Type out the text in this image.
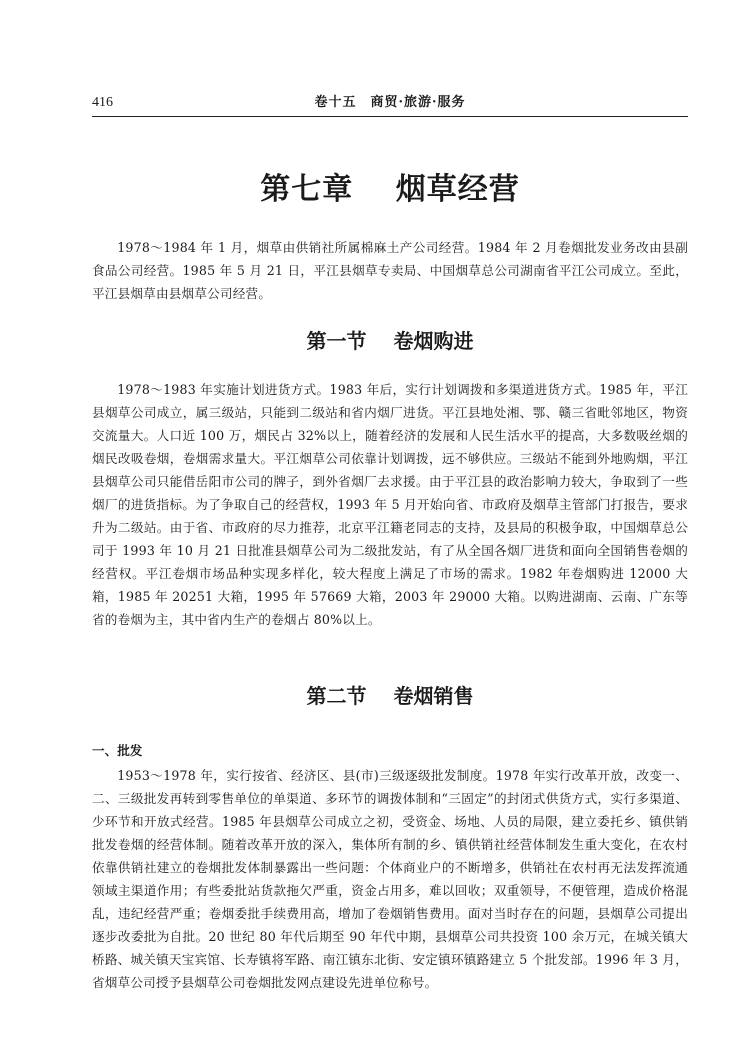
416	卷十五　商贸·旅游·服务
第七章　 烟草经营

1978～1984 年 1 月，烟草由供销社所属棉麻土产公司经营。1984 年 2 月卷烟批发业务改由县副食品公司经营。1985 年 5 月 21 日，平江县烟草专卖局、中国烟草总公司湖南省平江公司成立。至此，平江县烟草由县烟草公司经营。

第一节　 卷烟购进

1978～1983 年实施计划进货方式。1983 年后，实行计划调拨和多渠道进货方式。1985 年，平江县烟草公司成立，属三级站，只能到二级站和省内烟厂进货。平江县地处湘、鄂、赣三省毗邻地区，物资交流量大。人口近 100 万，烟民占 32%以上，随着经济的发展和人民生活水平的提高，大多数吸丝烟的烟民改吸卷烟，卷烟需求量大。平江烟草公司依靠计划调拨，远不够供应。三级站不能到外地购烟，平江县烟草公司只能借岳阳市公司的牌子，到外省烟厂去求援。由于平江县的政治影响力较大，争取到了一些烟厂的进货指标。为了争取自己的经营权，1993 年 5 月开始向省、市政府及烟草主管部门打报告，要求升为二级站。由于省、市政府的尽力推荐，北京平江籍老同志的支持，及县局的积极争取，中国烟草总公司于 1993 年 10 月 21 日批准县烟草公司为二级批发站，有了从全国各烟厂进货和面向全国销售卷烟的经营权。平江卷烟市场品种实现多样化，较大程度上满足了市场的需求。1982 年卷烟购进 12000 大箱，1985 年 20251 大箱，1995 年 57669 大箱，2003 年 29000 大箱。以购进湖南、云南、广东等省的卷烟为主，其中省内生产的卷烟占 80%以上。

第二节　 卷烟销售
一、批发

1953～1978 年，实行按省、经济区、县(市)三级逐级批发制度。1978 年实行改革开放，改变一、二、三级批发再转到零售单位的单渠道、多环节的调拨体制和“三固定”的封闭式供货方式，实行多渠道、少环节和开放式经营。1985 年县烟草公司成立之初，受资金、场地、人员的局限，建立委托乡、镇供销批发卷烟的经营体制。随着改革开放的深入，集体所有制的乡、镇供销社经营体制发生重大变化，在农村依靠供销社建立的卷烟批发体制暴露出一些问题：个体商业户的不断增多，供销社在农村再无法发挥流通领域主渠道作用；有些委批站货款拖欠严重，资金占用多，难以回收；双重领导，不便管理，造成价格混乱，违纪经营严重；卷烟委批手续费用高，增加了卷烟销售费用。面对当时存在的问题，县烟草公司提出逐步改委批为自批。20 世纪 80 年代后期至 90 年代中期，县烟草公司共投资 100 余万元，在城关镇大桥路、城关镇天宝宾馆、长寿镇将军路、南江镇东北街、安定镇环镇路建立 5 个批发部。1996 年 3 月，省烟草公司授予县烟草公司卷烟批发网点建设先进单位称号。
